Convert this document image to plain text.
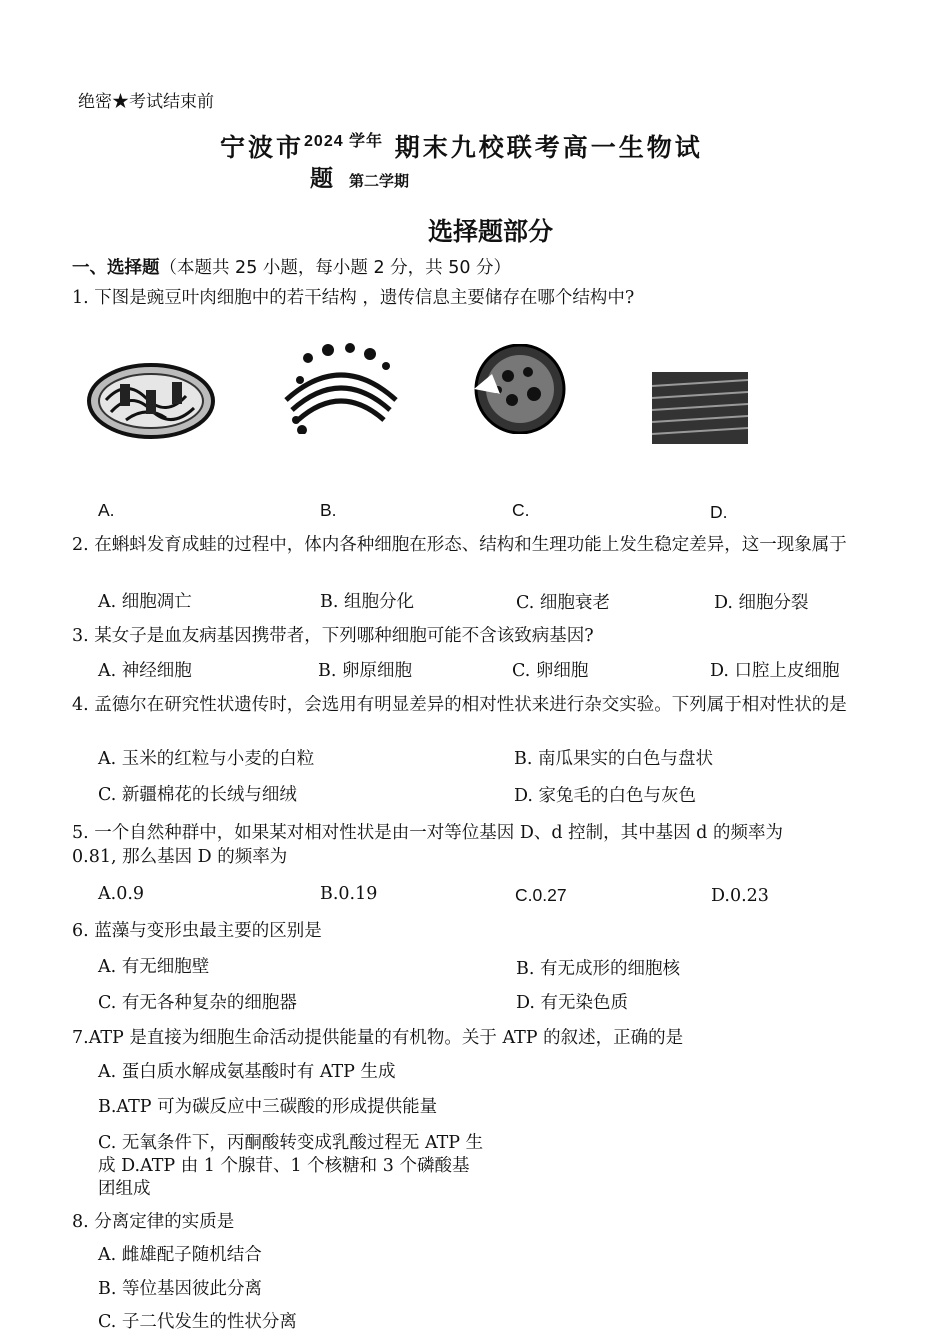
绝密★考试结束前
宁波市$^{2024 学年}$ 期末九校联考高一生物试
题 第二学期
选择题部分
一、选择题（本题共 25 小题，每小题 2 分，共 50 分）
1. 下图是豌豆叶肉细胞中的若干结构 ，遗传信息主要储存在哪个结构中?
A.	B.	C.	D.
2. 在蝌蚪发育成蛙的过程中，体内各种细胞在形态、结构和生理功能上发生稳定差异，这一现象属于
A. 细胞凋亡	B. 组胞分化	C. 细胞衰老	D. 细胞分裂
3. 某女子是血友病基因携带者，下列哪种细胞可能不含该致病基因?
A. 神经细胞	B. 卵原细胞	C. 卵细胞	D. 口腔上皮细胞
4. 孟德尔在研究性状遗传时，会选用有明显差异的相对性状来进行杂交实验。下列属于相对性状的是
A. 玉米的红粒与小麦的白粒	B. 南瓜果实的白色与盘状
C. 新疆棉花的长绒与细绒	D. 家兔毛的白色与灰色
5. 一个自然种群中，如果某对相对性状是由一对等位基因 D、d 控制，其中基因 d 的频率为
0.81, 那么基因 D 的频率为
A.0.9	B.0.19	C.0.27	D.0.23
6. 蓝藻与变形虫最主要的区别是
A. 有无细胞壁	B. 有无成形的细胞核
C. 有无各种复杂的细胞器	D. 有无染色质
7.ATP 是直接为细胞生命活动提供能量的有机物。关于 ATP 的叙述，正确的是
A. 蛋白质水解成氨基酸时有 ATP 生成
B.ATP 可为碳反应中三碳酸的形成提供能量
C. 无氧条件下，丙酮酸转变成乳酸过程无 ATP 生
成 D.ATP 由 1 个腺苷、1 个核糖和 3 个磷酸基
团组成
8. 分离定律的实质是
A. 雌雄配子随机结合
B. 等位基因彼此分离
C. 子二代发生的性状分离
